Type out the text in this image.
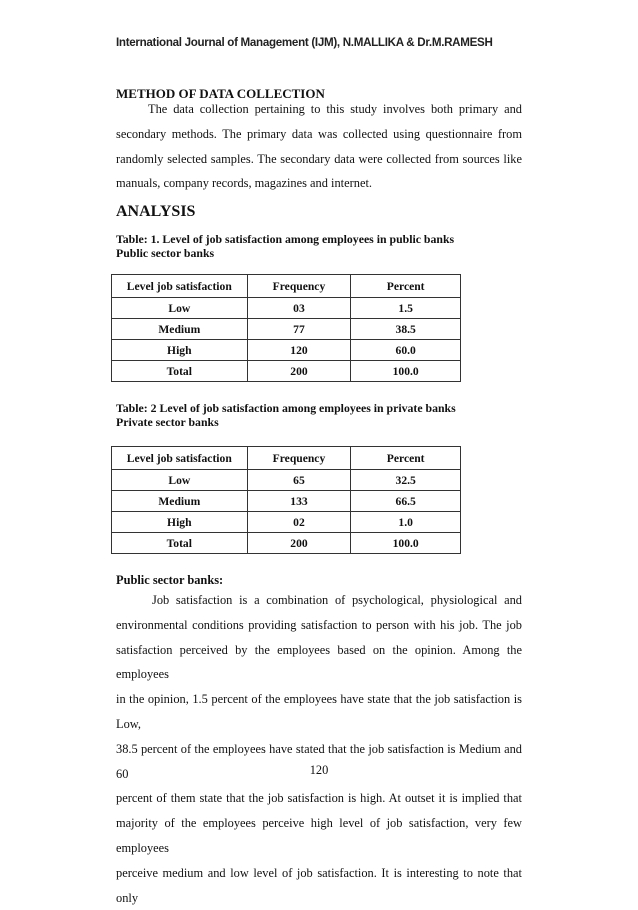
International Journal of Management (IJM), N.MALLIKA & Dr.M.RAMESH
METHOD OF DATA COLLECTION
The data collection pertaining to this study involves both primary and
secondary methods. The primary data was collected using questionnaire from
randomly selected samples. The secondary data were collected from sources like
manuals, company records, magazines and internet.
ANALYSIS
Table: 1. Level of job satisfaction among employees in public banks
Public sector banks
Level job satisfaction	Frequency	Percent
Low	03	1.5
Medium	77	38.5
High	120	60.0
Total	200	100.0
Table: 2 Level of job satisfaction among employees in private banks
Private sector banks
Level job satisfaction	Frequency	Percent
Low	65	32.5
Medium	133	66.5
High	02	1.0
Total	200	100.0
Public sector banks:
Job satisfaction is a combination of psychological, physiological and
environmental conditions providing satisfaction to person with his job. The job
satisfaction perceived by the employees based on the opinion. Among the employees
in the opinion, 1.5 percent of the employees have state that the job satisfaction is Low,
38.5 percent of the employees have stated that the job satisfaction is Medium and 60
percent of them state that the job satisfaction is high. At outset it is implied that
majority of the employees perceive high level of job satisfaction, very few employees
perceive medium and low level of job satisfaction. It is interesting to note that only
120
